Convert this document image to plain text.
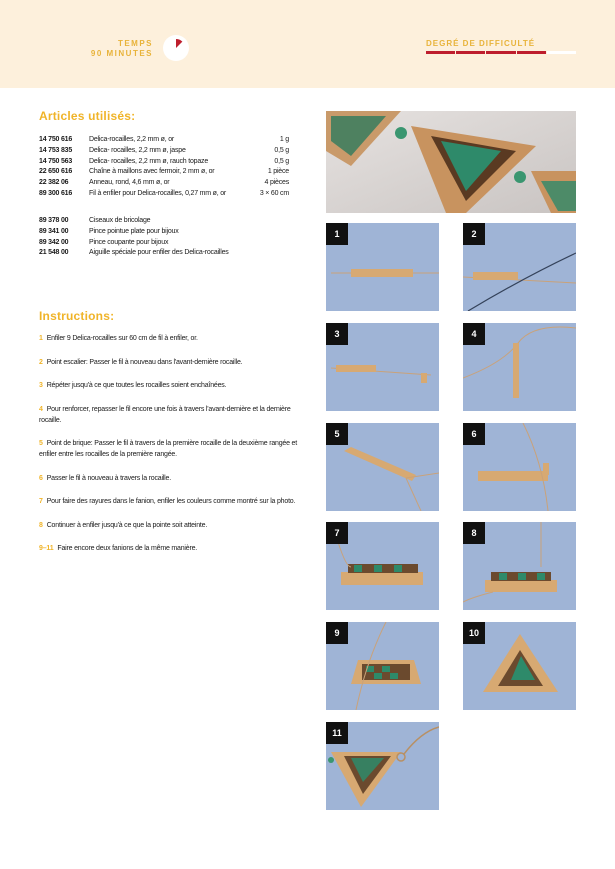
TEMPS
90 MINUTES
DEGRÉ DE DIFFICULTÉ
Articles utilisés:
14 750 616	Delica-rocailles, 2,2 mm ø, or	1 g
14 753 835	Delica- rocailles, 2,2 mm ø, jaspe	0,5 g
14 750 563	Delica- rocailles, 2,2 mm ø, rauch topaze	0,5 g
22 650 616	Chaîne à maillons avec fermoir, 2 mm ø, or	1 pièce
22 382 06	Anneau, rond, 4,6 mm ø, or	4 pièces
89 300 616	Fil à enfiler pour Delica-rocailles, 0,27 mm ø, or	3 × 60 cm
89 378 00	Ciseaux de bricolage
89 341 00	Pince pointue plate pour bijoux
89 342 00	Pince coupante pour bijoux
21 548 00	Aiguille spéciale pour enfiler des Delica-rocailles
Instructions:

1 Enfiler 9 Delica-rocailles sur 60 cm de fil à enfiler, or.

2 Point escalier: Passer le fil à nouveau dans l'avant-dernière rocaille.

3 Répéter jusqu'à ce que toutes les rocailles soient enchaînées.

4 Pour renforcer, repasser le fil encore une fois à travers l'avant-dernière et la dernière rocaille.

5 Point de brique: Passer le fil à travers de la première rocaille de la deuxième rangée et enfiler entre les rocailles de la première rangée.

6 Passer le fil à nouveau à travers la rocaille.

7 Pour faire des rayures dans le fanion, enfiler les couleurs comme montré sur la photo.

8 Continuer à enfiler jusqu'à ce que la pointe soit atteinte.

9–11 Faire encore deux fanions de la même manière.

1	2
3	4
5	6
7	8
9	10
11
